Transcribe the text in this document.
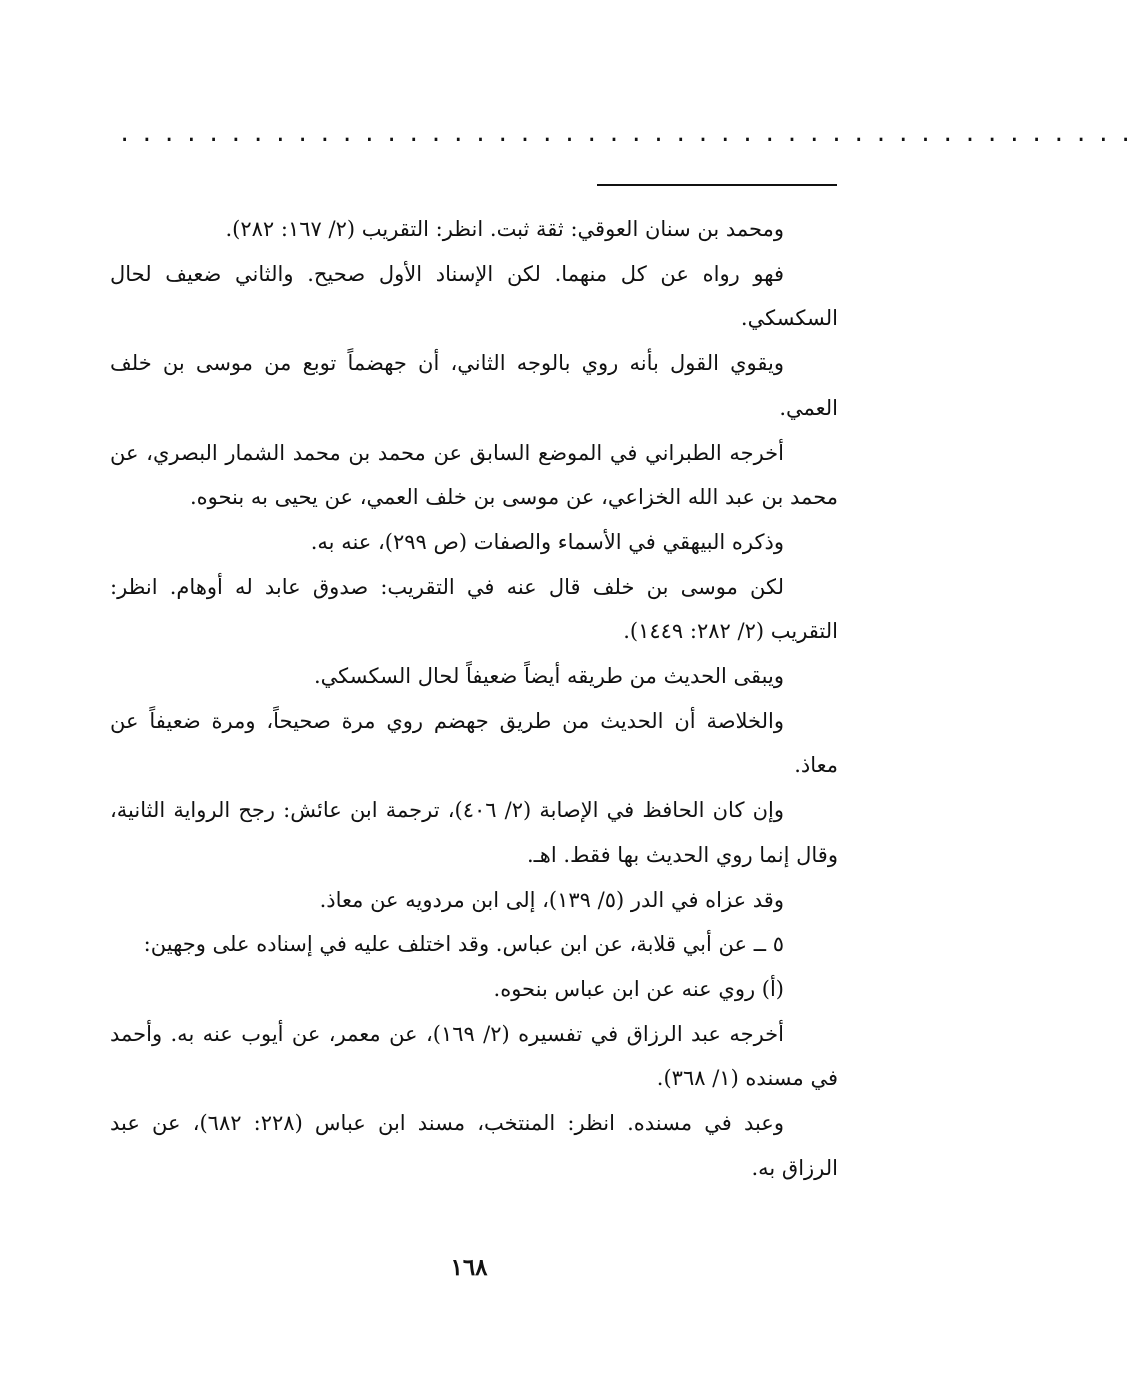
..............................................

ومحمد بن سنان العوقي: ثقة ثبت. انظر: التقريب (٢/ ١٦٧: ٢٨٢).

فهو رواه عن كل منهما. لكن الإسناد الأول صحيح. والثاني ضعيف لحال السكسكي.

ويقوي القول بأنه روي بالوجه الثاني، أن جهضماً توبع من موسى بن خلف العمي.

أخرجه الطبراني في الموضع السابق عن محمد بن محمد الشمار البصري، عن محمد بن عبد الله الخزاعي، عن موسى بن خلف العمي، عن يحيى به بنحوه.

وذكره البيهقي في الأسماء والصفات (ص ٢٩٩)، عنه به.

لكن موسى بن خلف قال عنه في التقريب: صدوق عابد له أوهام. انظر: التقريب (٢/ ٢٨٢: ١٤٤٩).

ويبقى الحديث من طريقه أيضاً ضعيفاً لحال السكسكي.

والخلاصة أن الحديث من طريق جهضم روي مرة صحيحاً، ومرة ضعيفاً عن معاذ.

وإن كان الحافظ في الإصابة (٢/ ٤٠٦)، ترجمة ابن عائش: رجح الرواية الثانية، وقال إنما روي الحديث بها فقط. اهـ.

وقد عزاه في الدر (٥/ ١٣٩)، إلى ابن مردويه عن معاذ.

٥ ــ عن أبي قلابة، عن ابن عباس. وقد اختلف عليه في إسناده على وجهين:

(أ) روي عنه عن ابن عباس بنحوه.

أخرجه عبد الرزاق في تفسيره (٢/ ١٦٩)، عن معمر، عن أيوب عنه به. وأحمد في مسنده (١/ ٣٦٨).

وعبد في مسنده. انظر: المنتخب، مسند ابن عباس (٢٢٨: ٦٨٢)، عن عبد الرزاق به.

١٦٨
